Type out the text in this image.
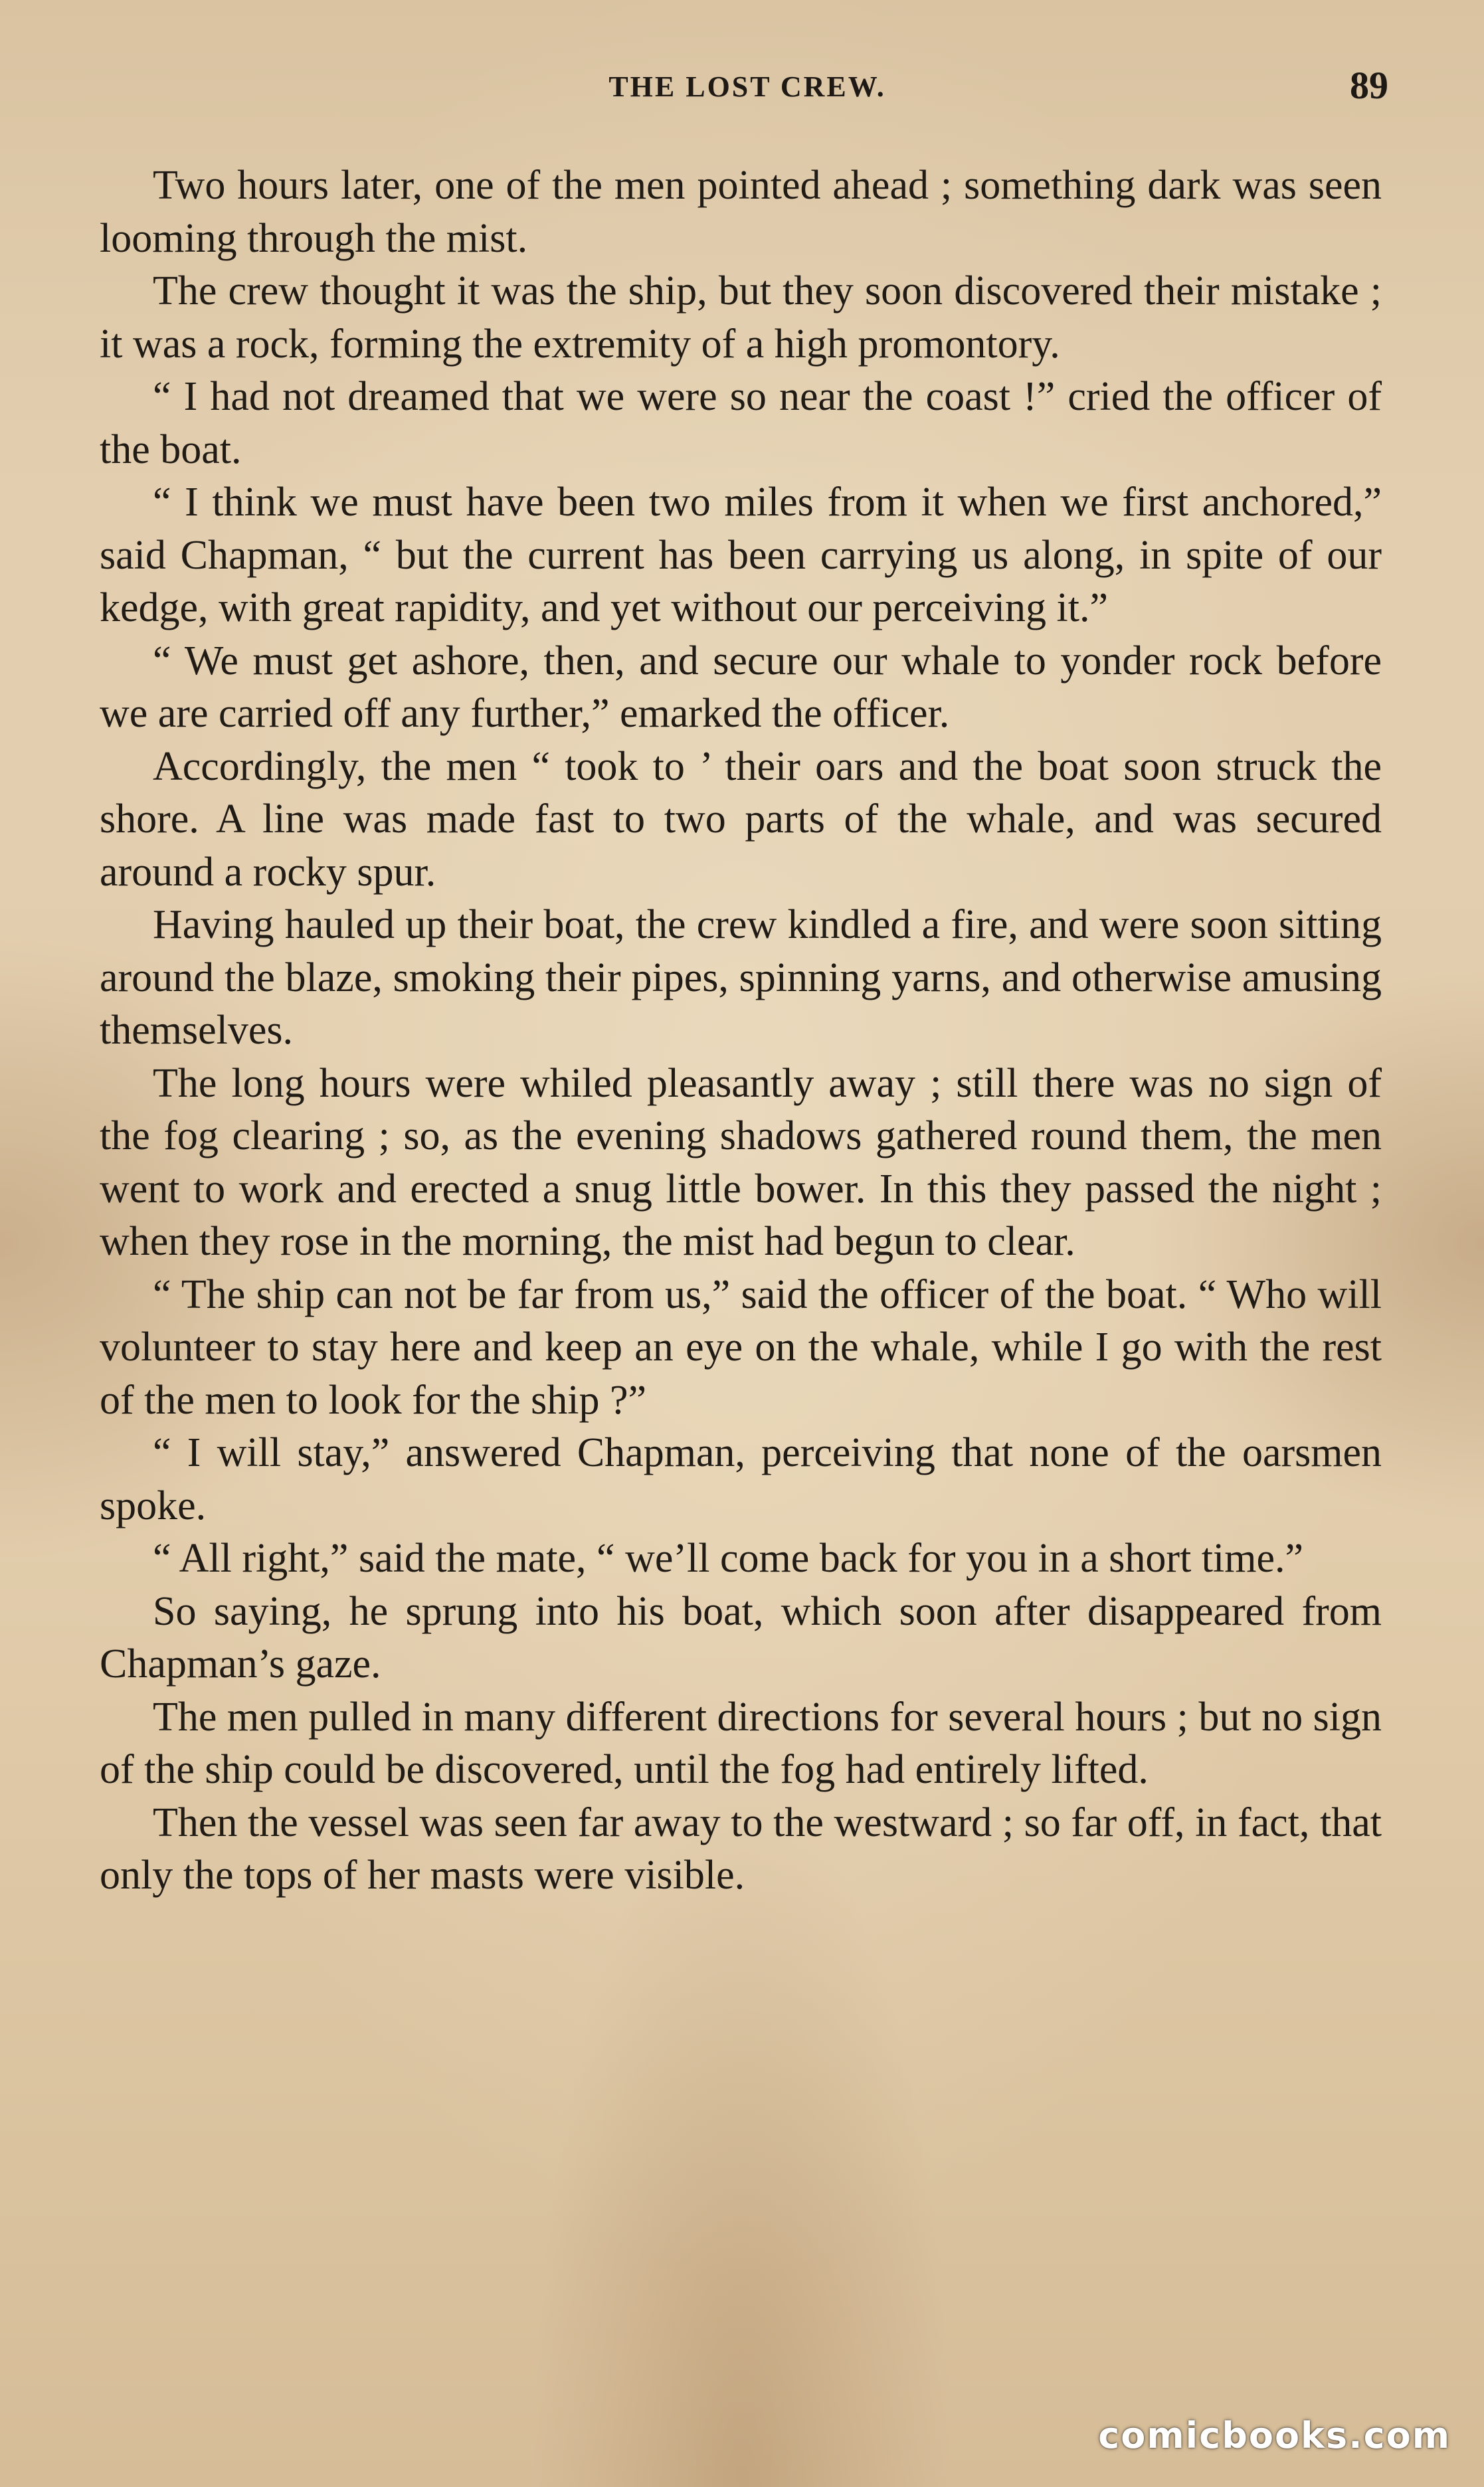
THE LOST CREW.	89

Two hours later, one of the men pointed ahead ; something dark was seen looming through the mist.

The crew thought it was the ship, but they soon discovered their mistake ; it was a rock, forming the extremity of a high promontory.

“ I had not dreamed that we were so near the coast !” cried the officer of the boat.

“ I think we must have been two miles from it when we first anchored,” said Chapman, “ but the current has been carrying us along, in spite of our kedge, with great rapidity, and yet without our perceiving it.”

“ We must get ashore, then, and secure our whale to yonder rock before we are carried off any further,” emarked the officer.

Accordingly, the men “ took to ’ their oars and the boat soon struck the shore. A line was made fast to two parts of the whale, and was secured around a rocky spur.

Having hauled up their boat, the crew kindled a fire, and were soon sitting around the blaze, smoking their pipes, spinning yarns, and otherwise amusing themselves.

The long hours were whiled pleasantly away ; still there was no sign of the fog clearing ; so, as the evening shadows gathered round them, the men went to work and erected a snug little bower. In this they passed the night ; when they rose in the morning, the mist had begun to clear.

“ The ship can not be far from us,” said the officer of the boat. “ Who will volunteer to stay here and keep an eye on the whale, while I go with the rest of the men to look for the ship ?”

“ I will stay,” answered Chapman, perceiving that none of the oarsmen spoke.

“ All right,” said the mate, “ we’ll come back for you in a short time.”

So saying, he sprung into his boat, which soon after disappeared from Chapman’s gaze.

The men pulled in many different directions for several hours ; but no sign of the ship could be discovered, until the fog had entirely lifted.

Then the vessel was seen far away to the westward ; so far off, in fact, that only the tops of her masts were visible.

comicbooks.com
